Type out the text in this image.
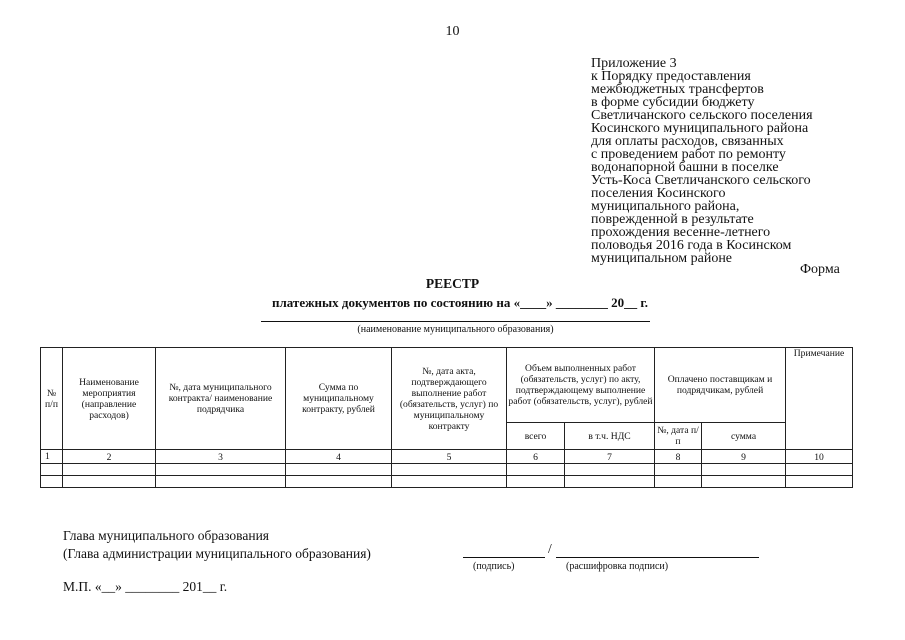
10
Приложение 3
к Порядку предоставления
межбюджетных трансфертов
в форме субсидии бюджету
Светличанского сельского поселения
Косинского муниципального района
для оплаты расходов, связанных
с проведением работ по ремонту
водонапорной башни в поселке
Усть-Коса Светличанского сельского
поселения Косинского
муниципального района,
поврежденной в результате
прохождения весенне-летнего
половодья 2016 года в Косинском
муниципальном районе
Форма
РЕЕСТР
платежных документов по состоянию на «____» ________ 20__ г.
(наименование муниципального образования)
№ п/п	Наименование мероприятия (направление расходов)	№, дата муниципального контракта/ наименование подрядчика	Сумма по муниципальному контракту, рублей	№, дата акта, подтверждающего выполнение работ (обязательств, услуг) по муниципальному контракту	Объем выполненных работ (обязательств, услуг) по акту, подтверждающему выполнение работ (обязательств, услуг), рублей		Оплачено поставщикам и подрядчикам, рублей		Примечание
					всего	в т.ч. НДС	№, дата п/п	сумма	
1	2	3	4	5	6	7	8	9	10

Глава муниципального образования
(Глава администрации муниципального образования)	/
(подпись)	(расшифровка подписи)
М.П. «__» ________ 201__ г.
